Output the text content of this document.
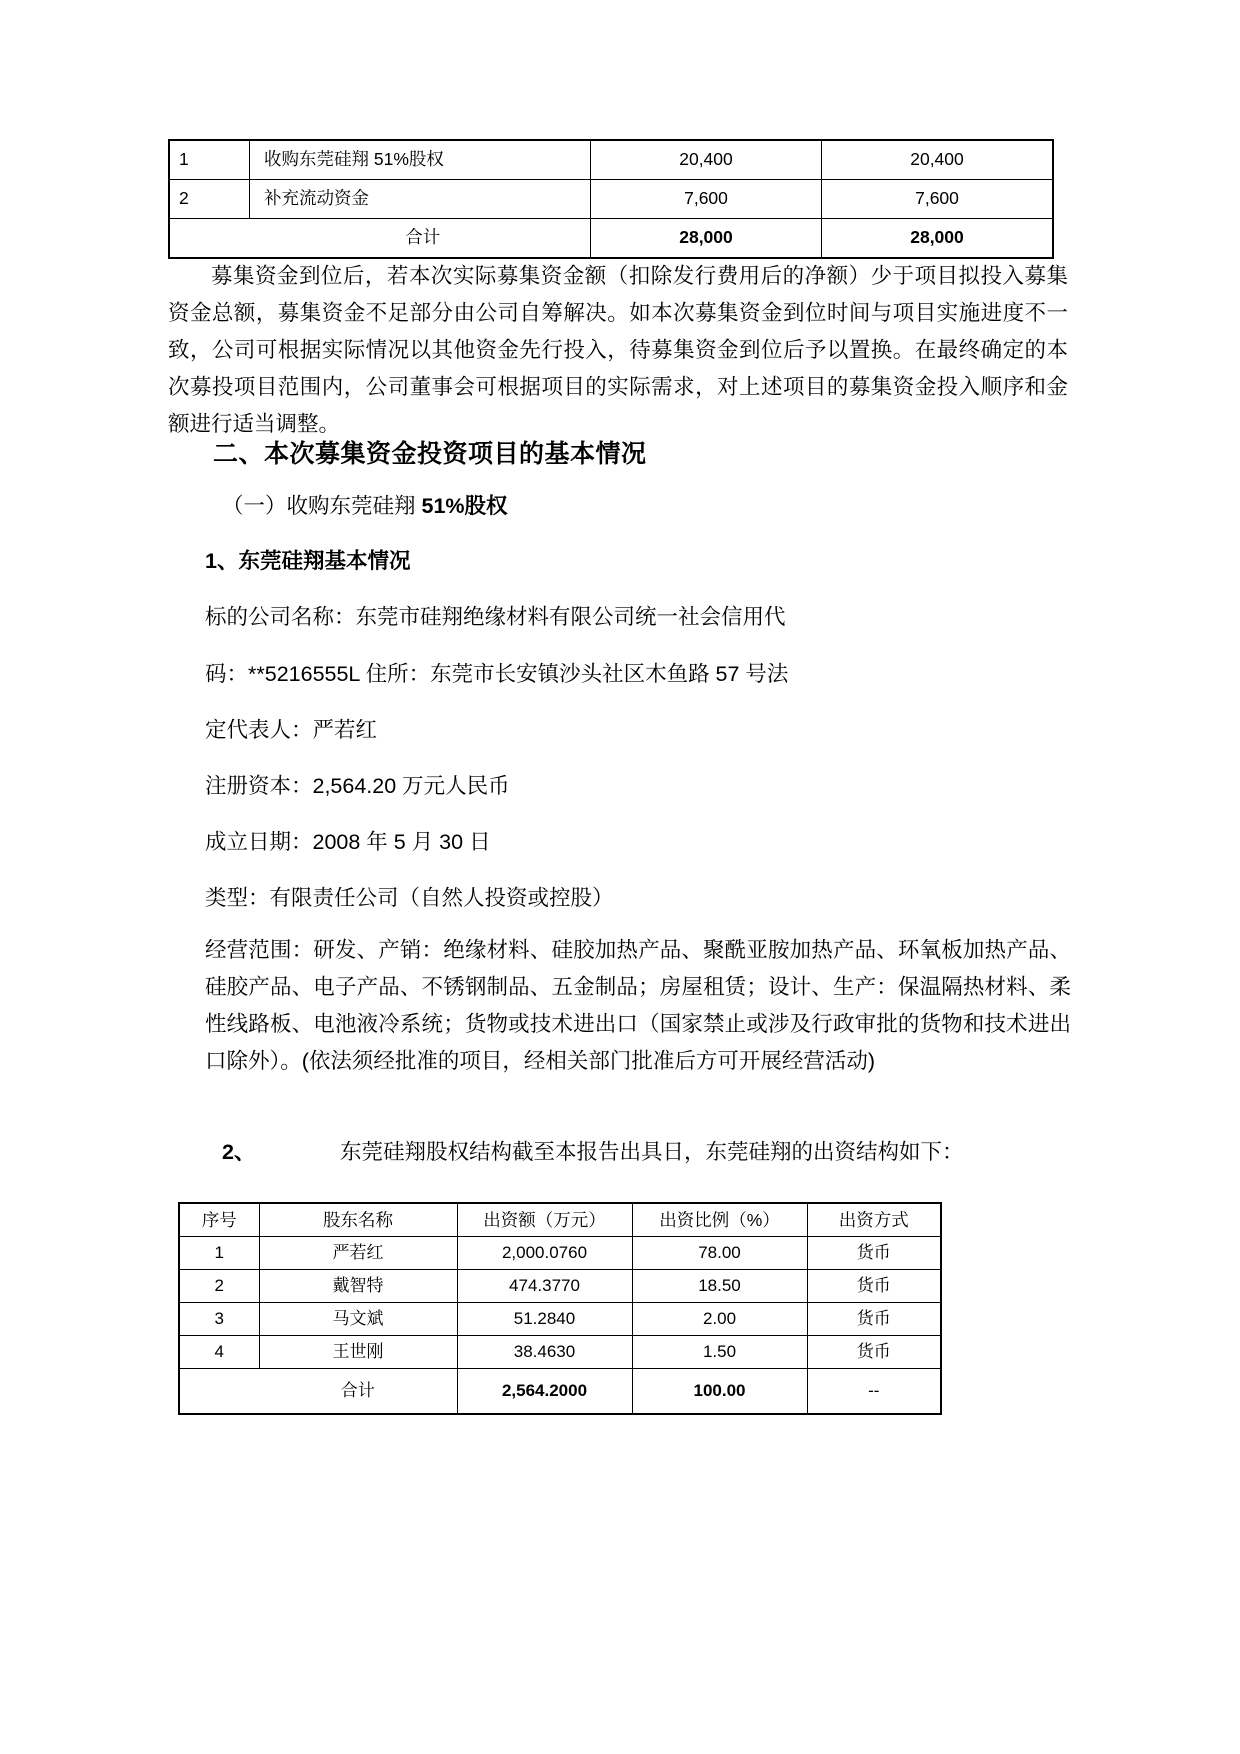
1	收购东莞硅翔 51%股权	20,400	20,400
2	补充流动资金	7,600	7,600
	合计	28,000	28,000
募集资金到位后，若本次实际募集资金额（扣除发行费用后的净额）少于项目拟投入募集资金总额，募集资金不足部分由公司自筹解决。如本次募集资金到位时间与项目实施进度不一致，公司可根据实际情况以其他资金先行投入，待募集资金到位后予以置换。在最终确定的本次募投项目范围内，公司董事会可根据项目的实际需求，对上述项目的募集资金投入顺序和金额进行适当调整。
二、本次募集资金投资项目的基本情况
（一）收购东莞硅翔 51%股权
1、东莞硅翔基本情况
标的公司名称：东莞市硅翔绝缘材料有限公司统一社会信用代
码：**5216555L 住所：东莞市长安镇沙头社区木鱼路 57 号法
定代表人：严若红
注册资本：2,564.20 万元人民币
成立日期：2008 年 5 月 30 日
类型：有限责任公司（自然人投资或控股）
经营范围：研发、产销：绝缘材料、硅胶加热产品、聚酰亚胺加热产品、环氧板加热产品、硅胶产品、电子产品、不锈钢制品、五金制品；房屋租赁；设计、生产：保温隔热材料、柔性线路板、电池液冷系统；货物或技术进出口（国家禁止或涉及行政审批的货物和技术进出口除外）。(依法须经批准的项目，经相关部门批准后方可开展经营活动)
2、	东莞硅翔股权结构截至本报告出具日，东莞硅翔的出资结构如下：
序号	股东名称	出资额（万元）	出资比例（%）	出资方式
1	严若红	2,000.0760	78.00	货币
2	戴智特	474.3770	18.50	货币
3	马文斌	51.2840	2.00	货币
4	王世刚	38.4630	1.50	货币
	合计	2,564.2000	100.00	--
